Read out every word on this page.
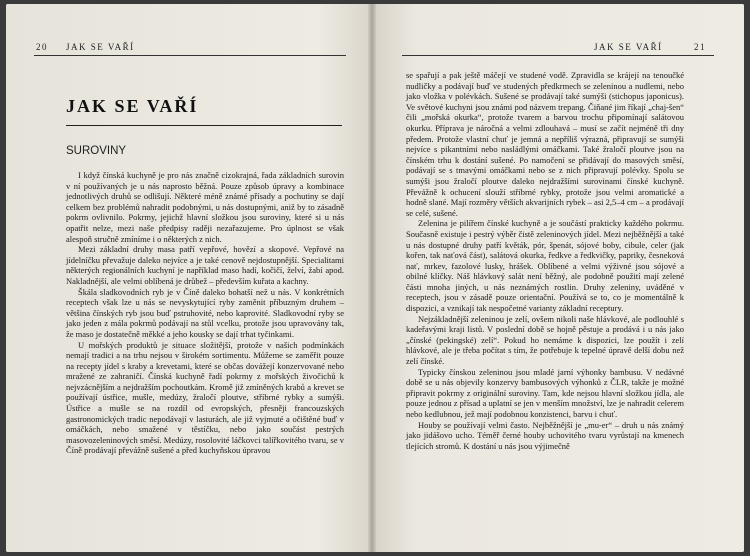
20 JAK SE VAŘÍ
JAK SE VAŘÍ
SUROVINY

I když čínská kuchyně je pro nás značně cizokrajná, řada základních surovin v ní používaných je u nás naprosto běžná. Pouze způsob úpravy a kombinace jednotlivých druhů se odlišují. Některé méně známé přísady a pochutiny se dají celkem bez problémů nahradit podobnými, u nás dostupnými, aniž by to zásadně pokrm ovlivnilo. Pokrmy, jejichž hlavní složkou jsou suroviny, které si u nás opatřit nelze, mezi naše předpisy raději nezařazujeme. Pro úplnost se však alespoň stručně zmíníme i o některých z nich.

Mezi základní druhy masa patří vepřové, hovězí a skopové. Vepřové na jídelníčku převažuje daleko nejvíce a je také cenově nejdostupnější. Specialitami některých regionálních kuchyní je například maso hadí, kočičí, želví, žabí apod. Nakladnější, ale velmi oblíbená je drůbež – především kuřata a kachny.

Škála sladkovodních ryb je v Číně daleko bohatší než u nás. V konkrétních receptech však lze u nás se nevyskytující ryby zaměnit příbuzným druhem – většina čínských ryb jsou buď pstruhovité, nebo kaprovité. Sladkovodní ryby se jako jeden z mála pokrmů podávají na stůl vcelku, protože jsou upravovány tak, že maso je dostatečně měkké a jeho kousky se dají trhat tyčinkami.

U mořských produktů je situace složitější, protože v našich podmínkách nemají tradici a na trhu nejsou v širokém sortimentu. Můžeme se zaměřit pouze na recepty jídel s kraby a krevetami, které se občas dovážejí konzervované nebo mražené ze zahraničí. Čínská kuchyně řadí pokrmy z mořských živočichů k nejvzácnějším a nejdražším pochoutkám. Kromě již zmíněných krabů a krevet se používají ústřice, mušle, medúzy, žraločí ploutve, stříbrné rybky a sumýši. Ústřice a mušle se na rozdíl od evropských, přesněji francouzských gastronomických tradic nepodávají v lasturách, ale již vyjmuté a očištěné buď v omáčkách, nebo smažené v těstíčku, nebo jako součást pestrých masovozeleninových směsí. Medúzy, rosolovité láčkovci talířkovitého tvaru, se v Číně prodávají převážně sušené a před kuchyňskou úpravou

JAK SE VAŘÍ	21

se spařují a pak ještě máčejí ve studené vodě. Zpravidla se krájejí na tenoučké nudličky a podávají buď ve studených předkrmech se zeleninou a nudlemi, nebo jako vložka v polévkách. Sušené se prodávají také sumýši (stichopus japonicus). Ve světové kuchyni jsou známi pod názvem trepang. Čiňané jim říkají „chaj-šen“ čili „mořská okurka“, protože tvarem a barvou trochu připomínají salátovou okurku. Příprava je náročná a velmi zdlouhavá – musí se začít nejméně tři dny předem. Protože vlastní chuť je jemná a nepříliš výrazná, připravují se sumýši nejvíce s pikantními nebo nasládlými omáčkami. Také žraločí ploutve jsou na čínském trhu k dostání sušené. Po namočení se přidávají do masových směsí, podávají se s tmavými omáčkami nebo se z nich připravují polévky. Spolu se sumýši jsou žraločí ploutve daleko nejdražšími surovinami čínské kuchyně. Převážně k ochucení slouží stříbrné rybky, protože jsou velmi aromatické a hodně slané. Mají rozměry větších akvarijních rybek – asi 2,5–4 cm – a prodávají se celé, sušené.

Zelenina je pilířem čínské kuchyně a je součástí prakticky každého pokrmu. Současně existuje i pestrý výběr čistě zeleninových jídel. Mezi nejběžnější a také u nás dostupné druhy patří květák, pór, špenát, sójové boby, cibule, celer (jak kořen, tak naťová část), salátová okurka, ředkve a ředkvičky, papriky, česneková nať, mrkev, fazolové lusky, hrášek. Oblíbené a velmi výživné jsou sójové a obilné klíčky. Náš hlávkový salát není běžný, ale podobně použití mají zelené části mnoha jiných, u nás neznámých rostlin. Druhy zeleniny, uváděné v receptech, jsou v zásadě pouze orientační. Používá se to, co je momentálně k dispozici, a vznikají tak nespočetné varianty základní receptury.

Nejzákladnější zeleninou je zelí, ovšem nikoli naše hlávkové, ale podlouhlé s kadeřavými kraji listů. V poslední době se hojně pěstuje a prodává i u nás jako „čínské (pekingské) zelí“. Pokud ho nemáme k dispozici, lze použít i zelí hlávkové, ale je třeba počítat s tím, že potřebuje k tepelné úpravě delší dobu než zelí čínské.

Typicky čínskou zeleninou jsou mladé jarní výhonky bambusu. V nedávné době se u nás objevily konzervy bambusových výhonků z ČLR, takže je možné připravit pokrmy z originální suroviny. Tam, kde nejsou hlavní složkou jídla, ale pouze jednou z přísad a uplatní se jen v menším množství, lze je nahradit celerem nebo kedlubnou, jež mají podobnou konzistenci, barvu i chuť.

Houby se používají velmi často. Nejběžnější je „mu-er“ – druh u nás známý jako jidášovo ucho. Téměř černé houby uchovitého tvaru vyrůstají na kmenech tlejících stromů. K dostání u nás jsou výjimečně
